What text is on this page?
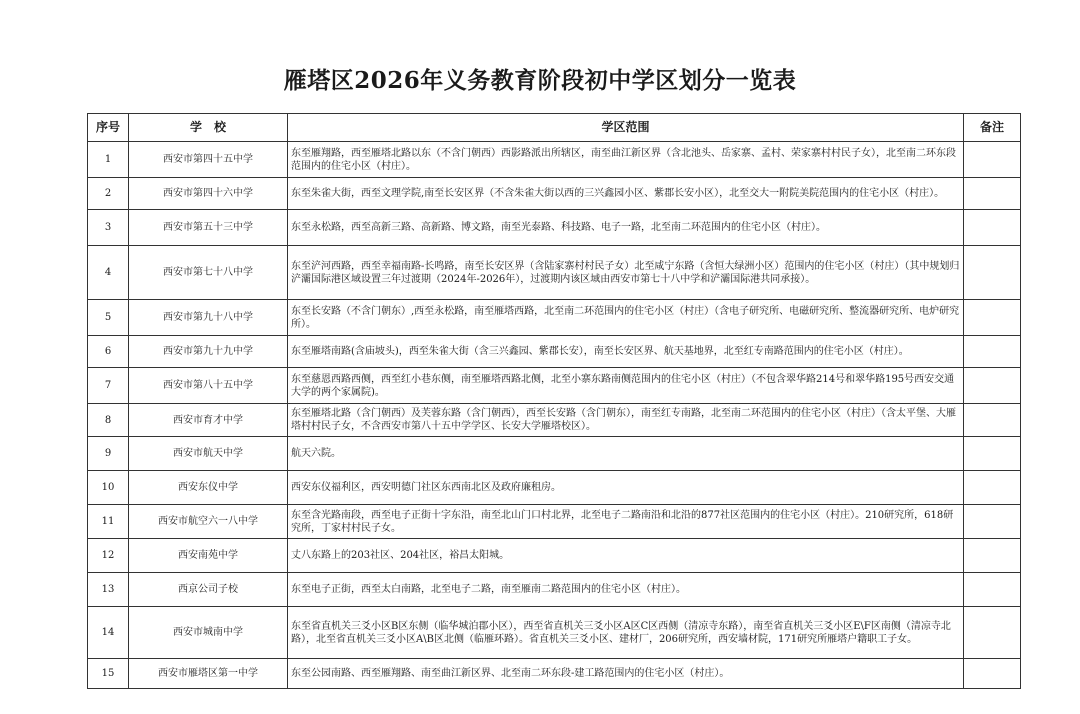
雁塔区2026年义务教育阶段初中学区划分一览表
序号	学　校	学区范围	备注
1	西安市第四十五中学	东至雁翔路，西至雁塔北路以东（不含门朝西）西影路派出所辖区，南至曲江新区界（含北池头、岳家寨、孟村、荣家寨村村民子女），北至南二环东段范围内的住宅小区（村庄）。	
2	西安市第四十六中学	东至朱雀大街，西至文理学院,南至长安区界（不含朱雀大街以西的三兴鑫园小区、紫郡长安小区），北至交大一附院美院范围内的住宅小区（村庄）。	
3	西安市第五十三中学	东至永松路，西至高新三路、高新路、博文路，南至光泰路、科技路、电子一路，北至南二环范围内的住宅小区（村庄）。	
4	西安市第七十八中学	东至浐河西路，西至幸福南路-长鸣路，南至长安区界（含陆家寨村村民子女）北至咸宁东路（含恒大绿洲小区）范围内的住宅小区（村庄）（其中规划归浐灞国际港区域设置三年过渡期（2024年-2026年），过渡期内该区域由西安市第七十八中学和浐灞国际港共同承接）。	
5	西安市第九十八中学	东至长安路（不含门朝东）,西至永松路，南至雁塔西路，北至南二环范围内的住宅小区（村庄）（含电子研究所、电磁研究所、整流器研究所、电炉研究所）。	
6	西安市第九十九中学	东至雁塔南路(含庙坡头)，西至朱雀大街（含三兴鑫园、紫郡长安），南至长安区界、航天基地界，北至红专南路范围内的住宅小区（村庄）。	
7	西安市第八十五中学	东至慈恩西路西侧，西至红小巷东侧，南至雁塔西路北侧，北至小寨东路南侧范围内的住宅小区（村庄）（不包含翠华路214号和翠华路195号西安交通大学的两个家属院)。	
8	西安市育才中学	东至雁塔北路（含门朝西）及芙蓉东路（含门朝西），西至长安路（含门朝东），南至红专南路，北至南二环范围内的住宅小区（村庄）（含太平堡、大雁塔村村民子女，不含西安市第八十五中学学区、长安大学雁塔校区）。	
9	西安市航天中学	航天六院。	
10	西安东仪中学	西安东仪福利区，西安明德门社区东西南北区及政府廉租房。	
11	西安市航空六一八中学	东至含光路南段，西至电子正街十字东沿，南至北山门口村北界，北至电子二路南沿和北沿的877社区范围内的住宅小区（村庄）。210研究所，618研究所，丁家村村民子女。	
12	西安南苑中学	丈八东路上的203社区、204社区，裕昌太阳城。	
13	西京公司子校	东至电子正街，西至太白南路，北至电子二路，南至雁南二路范围内的住宅小区（村庄）。	
14	西安市城南中学	东至省直机关三爻小区B区东侧（临华城泊郡小区），西至省直机关三爻小区A区C区西侧（清凉寺东路），南至省直机关三爻小区E\F区南侧（清凉寺北路），北至省直机关三爻小区A\B区北侧（临雁环路）。省直机关三爻小区、建材厂，206研究所，西安墙材院，171研究所雁塔户籍职工子女。	
15	西安市雁塔区第一中学	东至公园南路、西至雁翔路、南至曲江新区界、北至南二环东段-建工路范围内的住宅小区（村庄）。	
